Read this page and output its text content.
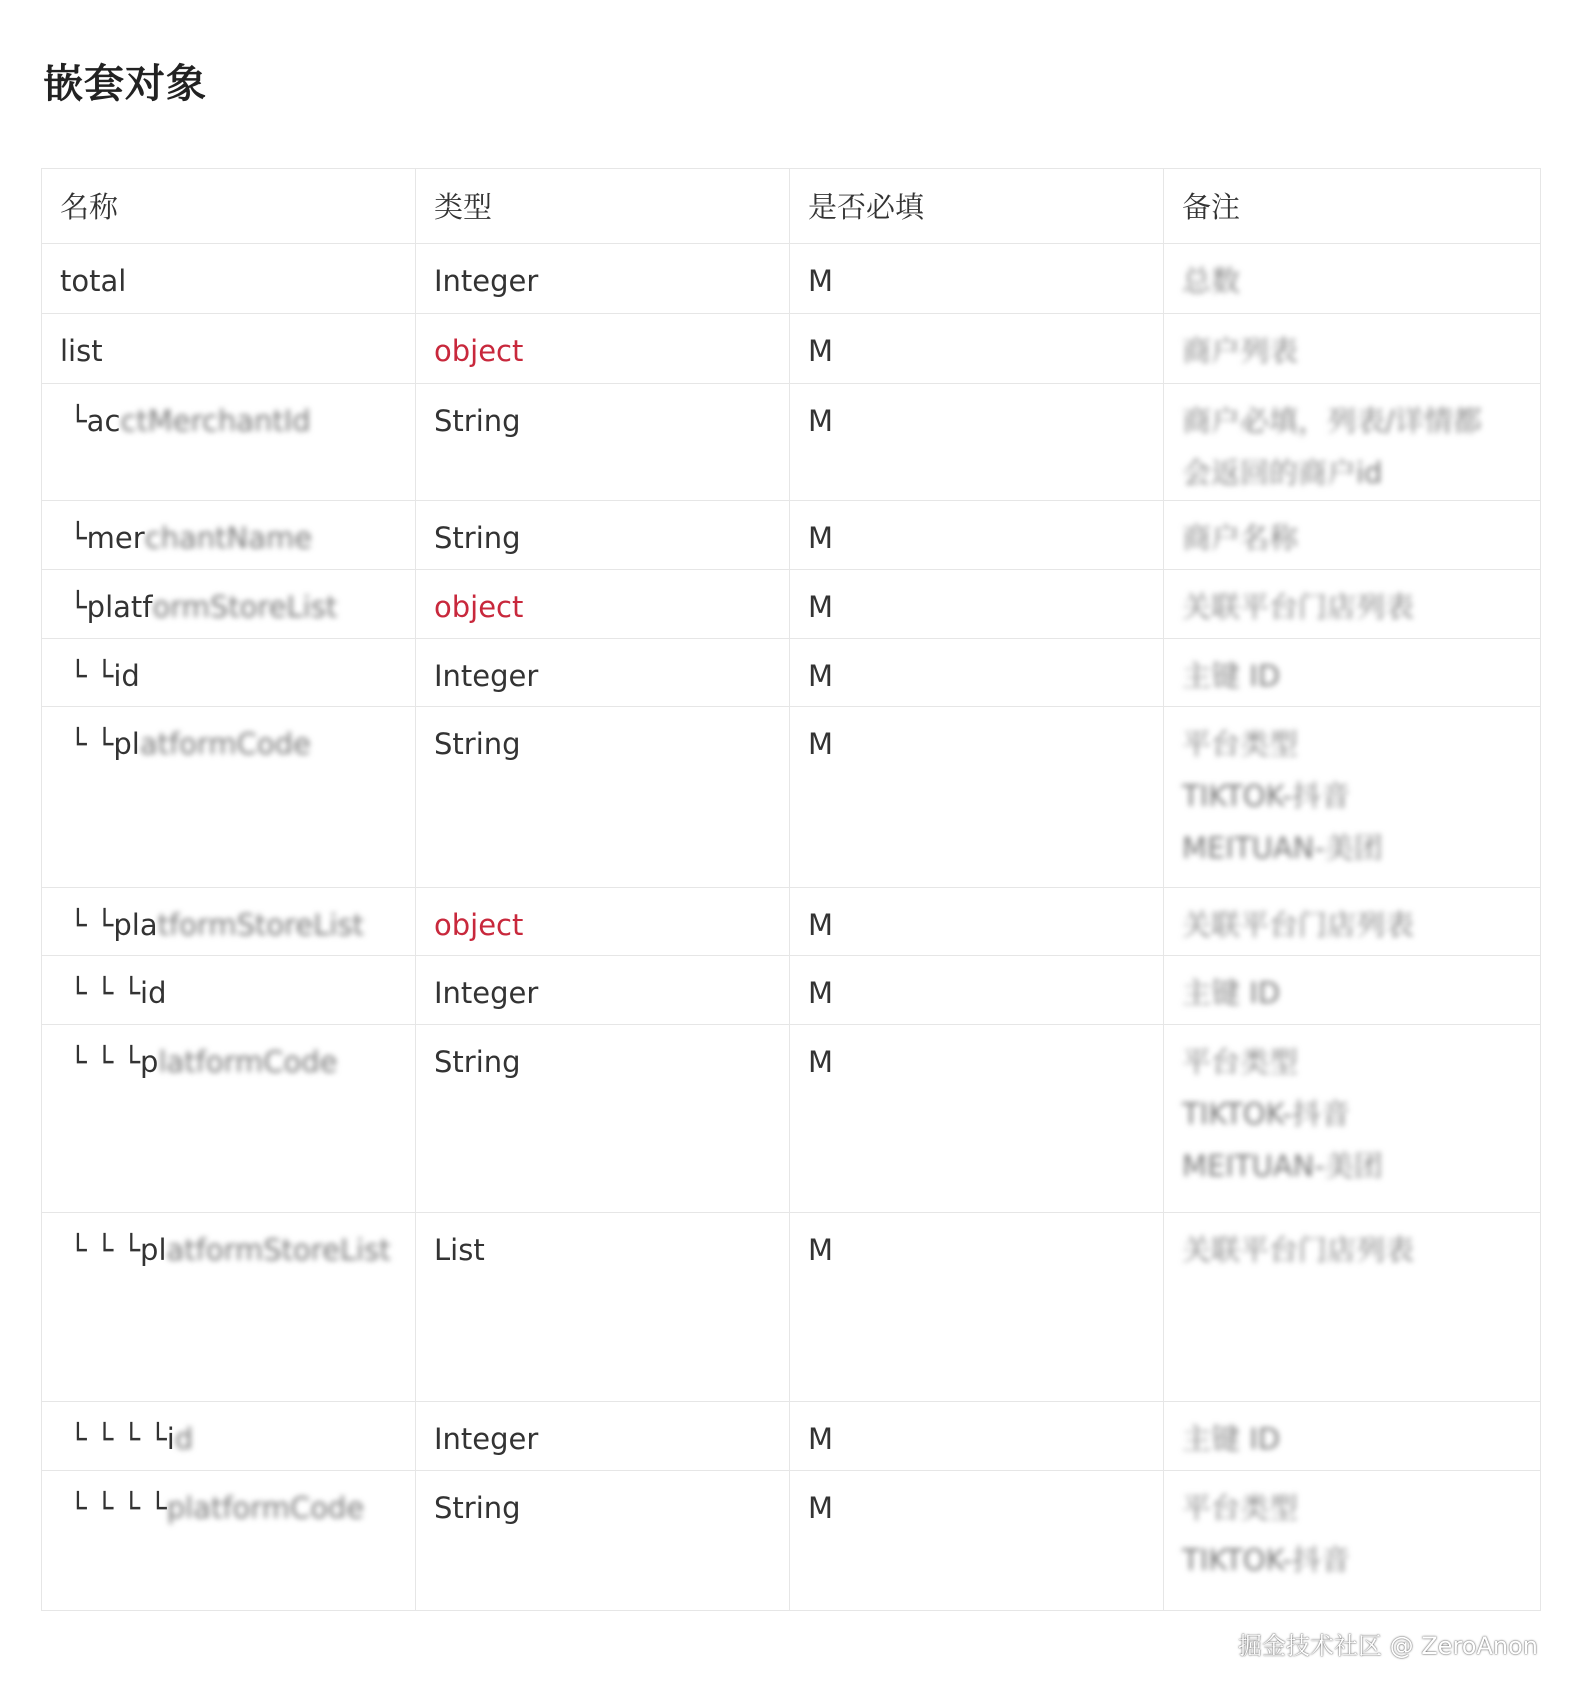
嵌套对象
名称	类型	是否必填	备注
total	Integer	M	总数

list	object	M	商户列表

└acctMerchantId	String	M	商户必填，列表/详情都
会返回的商户id

└merchantName	String	M	商户名称

└platformStoreList	object	M	关联平台门店列表

└ └id	Integer	M	主键 ID

└ └platformCode	String	M	平台类型
TIKTOK-抖音
MEITUAN-美团

└ └platformStoreList	object	M	关联平台门店列表

└ └ └id	Integer	M	主键 ID

└ └ └platformCode	String	M	平台类型
TIKTOK-抖音
MEITUAN-美团

└ └ └platformStoreList	List	M	关联平台门店列表

└ └ └ └id	Integer	M	主键 ID

└ └ └ └platformCode	String	M	平台类型
TIKTOK-抖音
掘金技术社区 @ ZeroAnon
